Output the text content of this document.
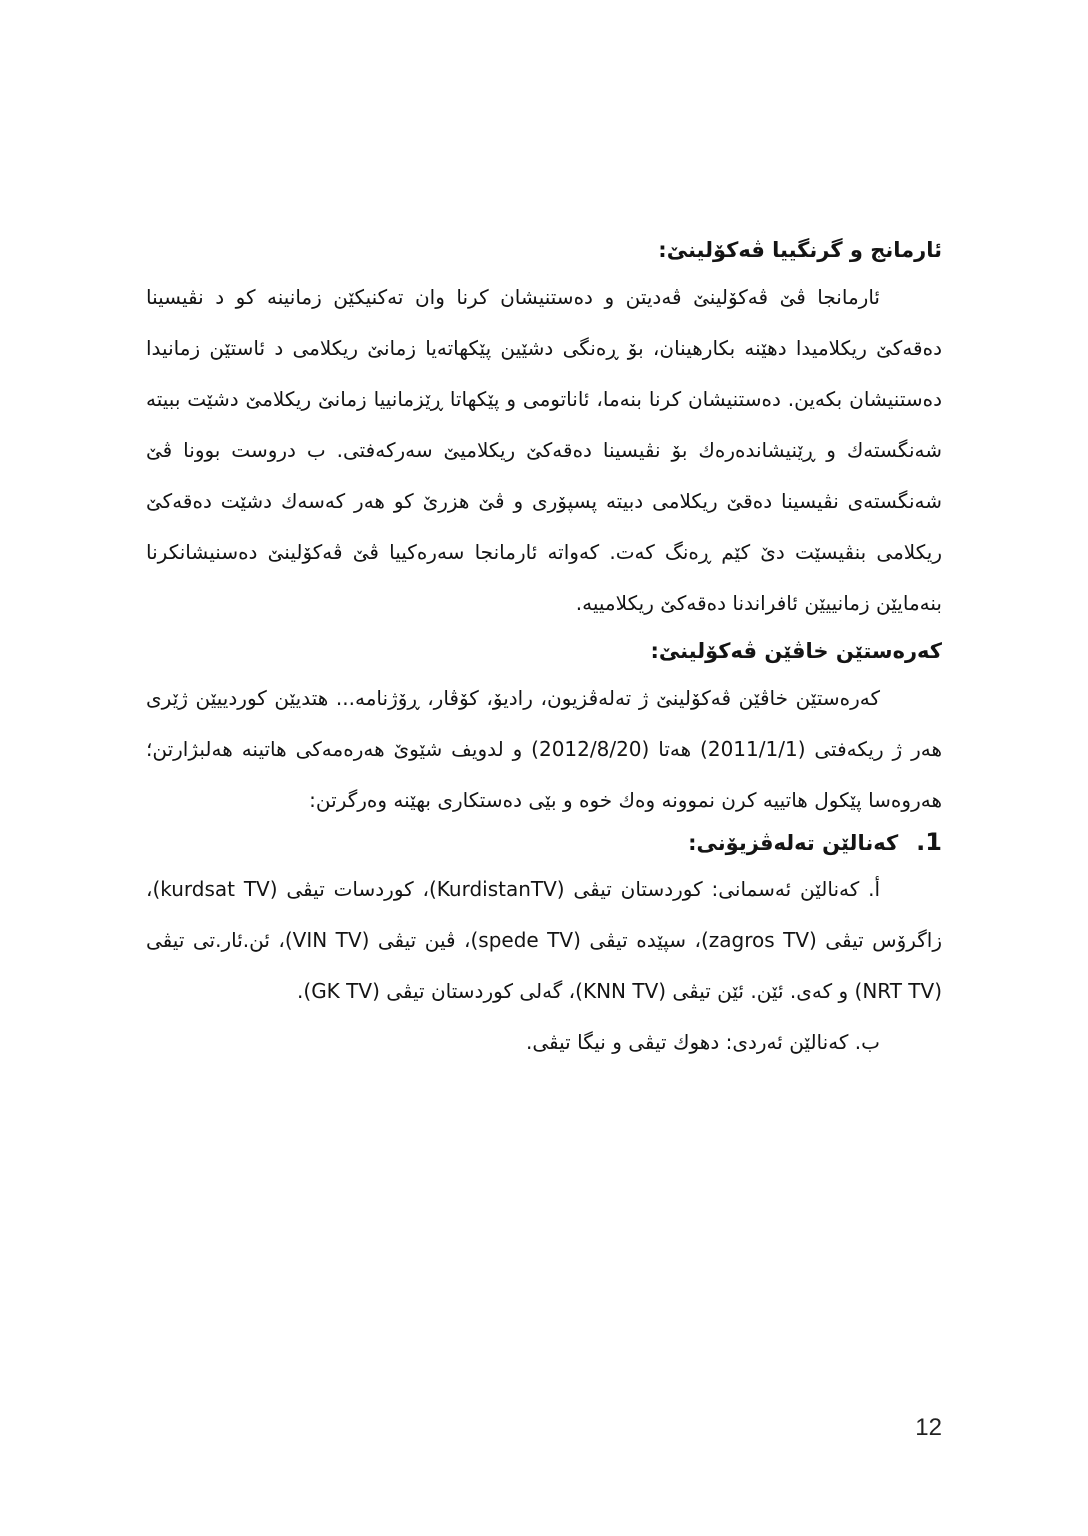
ئارمانج و گرنگییا ڤەكۆلینێ:

ئارمانجا ڤێ ڤەكۆلینێ ڤەدیتن و دەستنیشان كرنا وان تەكنیكێن زمانینە كو د نڤیسینا دەقەكێ ریكلامیدا دهێنە بكارهینان، بۆ ڕەنگی دشێین پێكهاتەیا زمانێ ریكلامی د ئاستێن زمانیدا دەستنیشان بكەین. دەستنیشان كرنا بنەما، ئاناتومی و پێكهاتا ڕێزمانییا زمانێ ریكلامێ دشێت ببیتە شەنگستەك و ڕێنیشاندەرەك بۆ نڤیسینا دەقەكێ ریكلامیێ سەركەفتی. ب دروست بوونا ڤێ شەنگستەی نڤیسینا دەقێ ریكلامی دبیتە پسپۆری و ڤێ هزرێ كو هەر كەسەك دشێت دەقەكێ ریكلامی بنڤیسێت دێ كێم ڕەنگ كەت. كەواتە ئارمانجا سەرەكییا ڤێ ڤەكۆلینێ دەسنیشانكرنا بنەمایێن زمانییێن ئافراندنا دەقەكێ ریكلامییە.

كەرەستێن خاڤێن ڤەكۆلینێ:

كەرەستێن خاڤێن ڤەكۆلینێ ژ تەلەڤزیون، رادیۆ، كۆڤار، ڕۆژنامە... هتدیێن كوردییێن ژێری هەر ژ ریكەفتی (2011/1/1) هەتا (2012/8/20) و لدویف شێوێ هەرەمەكی هاتینە هەلبژارتن؛ هەروەسا پێكول هاتییە كرن نموونە وەك خوە و بێی دەستكاری بهێنە وەرگرتن:

.1
كەنالێن تەلەڤزیۆنی:

أ. كەنالێن ئەسمانی: كوردستان تیڤی (KurdistanTV)، كوردسات تیڤی (kurdsat TV)، زاگرۆس تیڤی (zagros TV)، سپێدە تیڤی (spede TV)، ڤین تیڤی (VIN TV)، ئن.ئار.تی تیڤی (NRT TV) و كەی. ئێن. ئێن تیڤی (KNN TV)، گەلی كوردستان تیڤی (GK TV).

ب. كەنالێن ئەردی: دهوك تیڤی و نیگا تیڤی.

12
